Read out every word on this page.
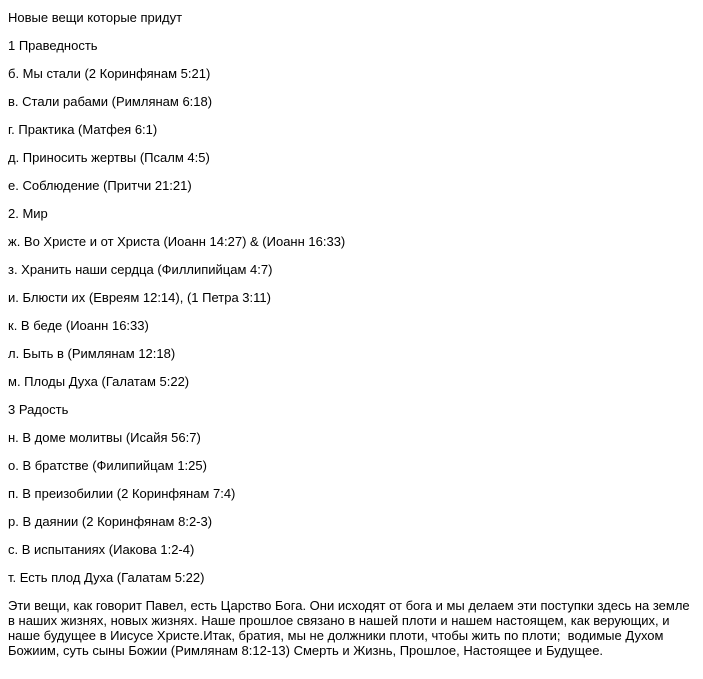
Новые вещи которые придут
1 Праведность
б. Мы стали (2 Коринфянам 5:21)
в. Стали рабами (Римлянам 6:18)
г. Практика (Матфея 6:1)
д. Приносить жертвы (Псалм 4:5)
е. Соблюдение (Притчи 21:21)
2. Мир
ж. Во Христе и от Христа (Иоанн 14:27) & (Иоанн 16:33)
з. Хранить наши сердца (Филлипийцам 4:7)
и. Блюсти их (Евреям 12:14), (1 Петра 3:11)
к. В беде (Иоанн 16:33)
л. Быть в (Римлянам 12:18)
м. Плоды Духа (Галатам 5:22)
3 Радость
н. В доме молитвы (Исайя 56:7)
о. В братстве (Филипийцам 1:25)
п. В преизобилии (2 Коринфянам 7:4)
р. В даянии (2 Коринфянам 8:2-3)
с. В испытаниях (Иакова 1:2-4)
т. Есть плод Духа (Галатам 5:22)

Эти вещи, как говорит Павел, есть Царство Бога. Они исходят от бога и мы делаем эти поступки здесь на земле в наших жизнях, новых жизнях. Наше прошлое связано в нашей плоти и нашем настоящем, как верующих, и наше будущее в Иисусе Христе.Итак, братия, мы не должники плоти, чтобы жить по плоти;  водимые Духом Божиим, суть сыны Божии (Римлянам 8:12-13) Смерть и Жизнь, Прошлое, Настоящее и Будущее.
